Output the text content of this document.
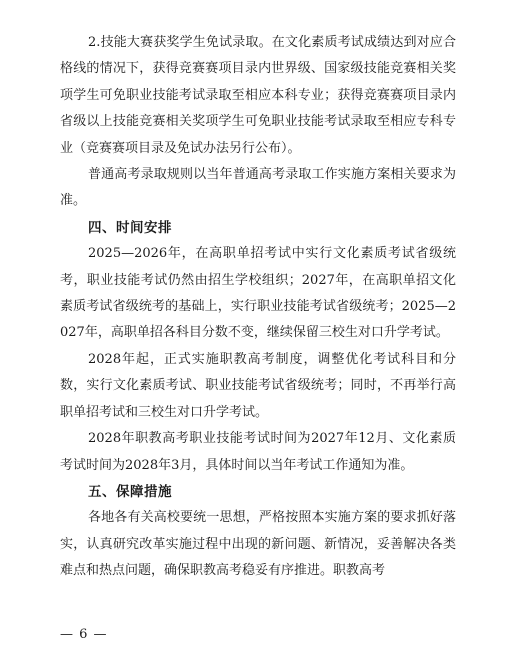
2.技能大赛获奖学生免试录取。在文化素质考试成绩达到对应合格线的情况下，获得竞赛赛项目录内世界级、国家级技能竞赛相关奖项学生可免职业技能考试录取至相应本科专业；获得竞赛赛项目录内省级以上技能竞赛相关奖项学生可免职业技能考试录取至相应专科专业（竞赛赛项目录及免试办法另行公布）。

普通高考录取规则以当年普通高考录取工作实施方案相关要求为准。

四、时间安排

2025—2026年，在高职单招考试中实行文化素质考试省级统考，职业技能考试仍然由招生学校组织；2027年，在高职单招文化素质考试省级统考的基础上，实行职业技能考试省级统考；2025—2027年，高职单招各科目分数不变，继续保留三校生对口升学考试。

2028年起，正式实施职教高考制度，调整优化考试科目和分数，实行文化素质考试、职业技能考试省级统考；同时，不再举行高职单招考试和三校生对口升学考试。

2028年职教高考职业技能考试时间为2027年12月、文化素质考试时间为2028年3月，具体时间以当年考试工作通知为准。

五、保障措施

各地各有关高校要统一思想，严格按照本实施方案的要求抓好落实，认真研究改革实施过程中出现的新问题、新情况，妥善解决各类难点和热点问题，确保职教高考稳妥有序推进。职教高考

— 6 —
